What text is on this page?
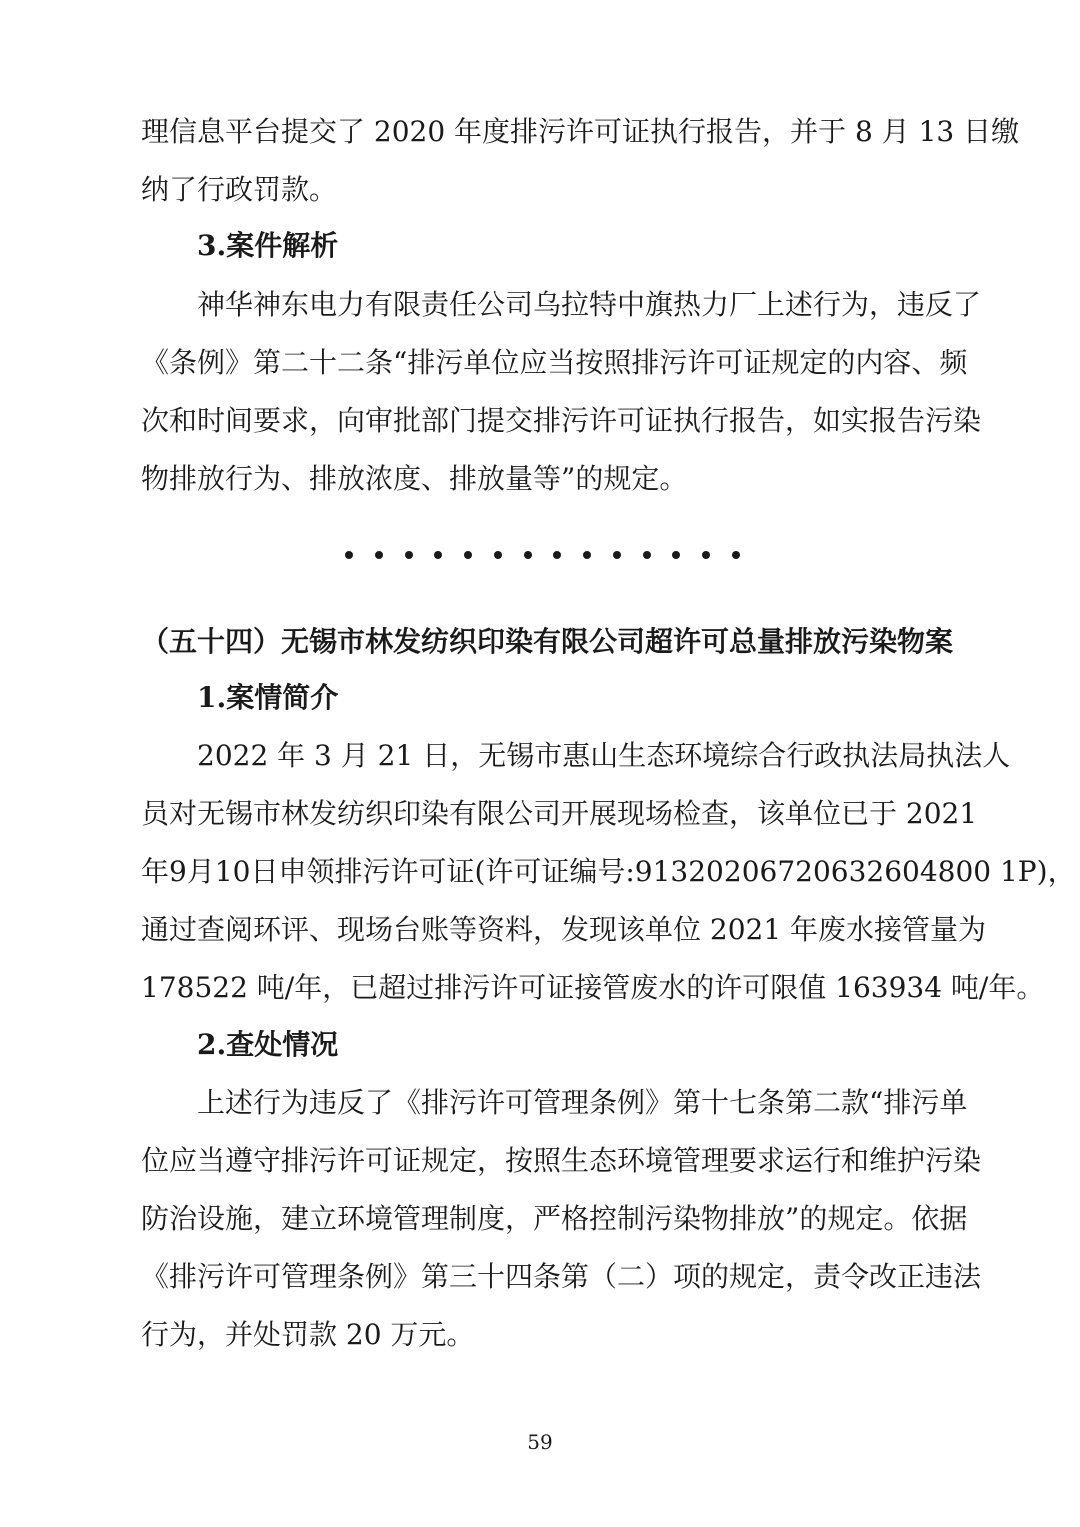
理信息平台提交了 2020 年度排污许可证执行报告，并于 8 月 13 日缴
纳了行政罚款。
3.案件解析
神华神东电力有限责任公司乌拉特中旗热力厂上述行为，违反了
《条例》第二十二条“排污单位应当按照排污许可证规定的内容、频
次和时间要求，向审批部门提交排污许可证执行报告，如实报告污染
物排放行为、排放浓度、排放量等”的规定。
（五十四）无锡市林发纺织印染有限公司超许可总量排放污染物案
1.案情简介
2022 年 3 月 21 日，无锡市惠山生态环境综合行政执法局执法人
员对无锡市林发纺织印染有限公司开展现场检查，该单位已于 2021
年9月10日申领排污许可证(许可证编号:91320206720632604800 1P)，
通过查阅环评、现场台账等资料，发现该单位 2021 年废水接管量为
178522 吨/年，已超过排污许可证接管废水的许可限值 163934 吨/年。
2.查处情况
上述行为违反了《排污许可管理条例》第十七条第二款“排污单
位应当遵守排污许可证规定，按照生态环境管理要求运行和维护污染
防治设施，建立环境管理制度，严格控制污染物排放”的规定。依据
《排污许可管理条例》第三十四条第（二）项的规定，责令改正违法
行为，并处罚款 20 万元。
59
